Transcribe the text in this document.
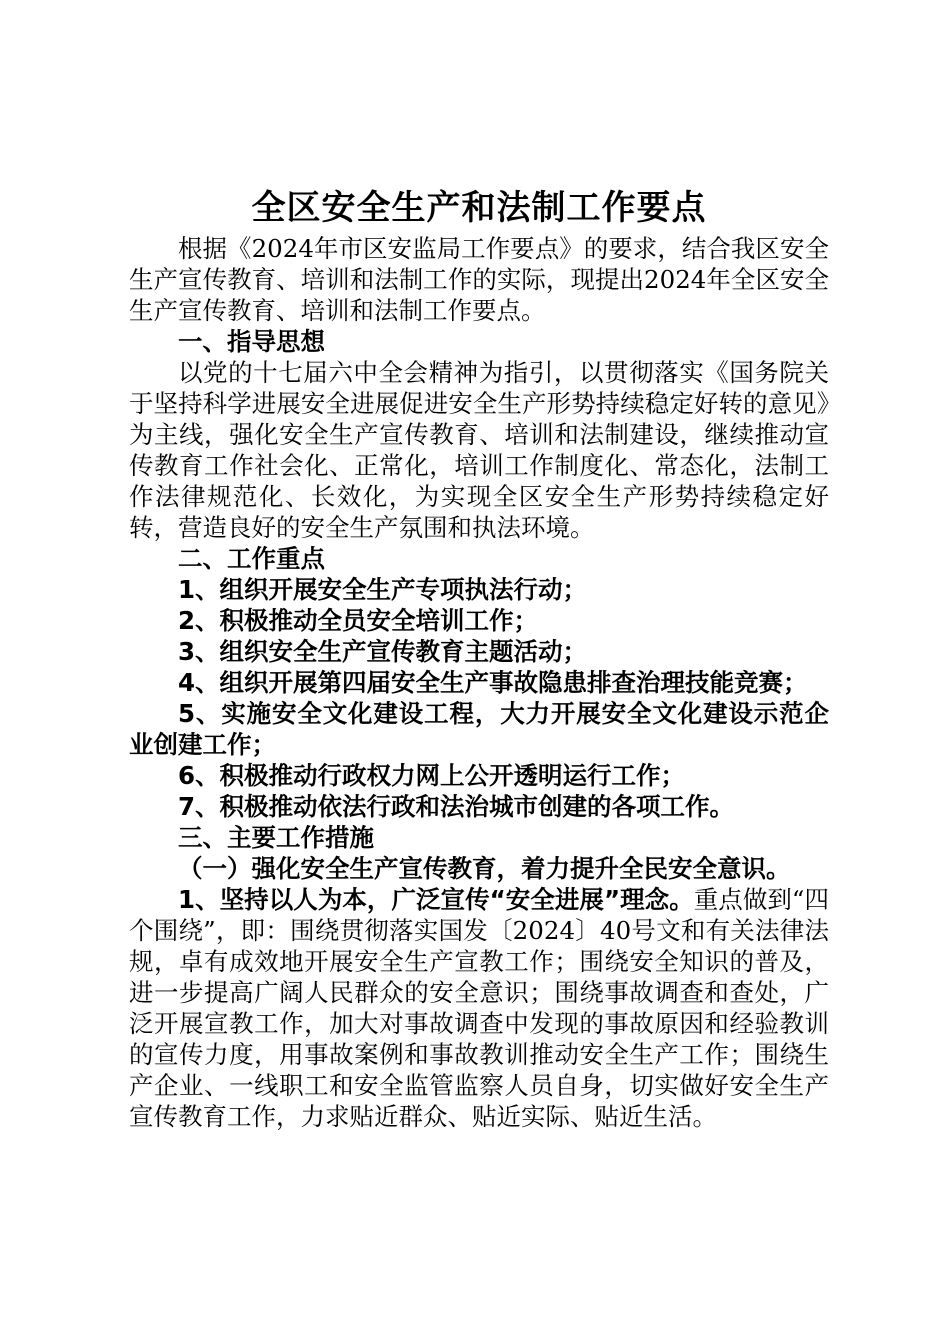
全区安全生产和法制工作要点

根据《2024年市区安监局工作要点》的要求，结合我区安全生产宣传教育、培训和法制工作的实际，现提出2024年全区安全生产宣传教育、培训和法制工作要点。

一、指导思想

以党的十七届六中全会精神为指引，以贯彻落实《国务院关于坚持科学进展安全进展促进安全生产形势持续稳定好转的意见》为主线，强化安全生产宣传教育、培训和法制建设，继续推动宣传教育工作社会化、正常化，培训工作制度化、常态化，法制工作法律规范化、长效化，为实现全区安全生产形势持续稳定好转，营造良好的安全生产氛围和执法环境。

二、工作重点

1、组织开展安全生产专项执法行动；

2、积极推动全员安全培训工作；

3、组织安全生产宣传教育主题活动；

4、组织开展第四届安全生产事故隐患排查治理技能竞赛；

5、实施安全文化建设工程，大力开展安全文化建设示范企业创建工作；

6、积极推动行政权力网上公开透明运行工作；

7、积极推动依法行政和法治城市创建的各项工作。

三、主要工作措施

（一）强化安全生产宣传教育，着力提升全民安全意识。

1、坚持以人为本，广泛宣传“安全进展”理念。重点做到“四个围绕”，即：围绕贯彻落实国发〔2024〕40号文和有关法律法规，卓有成效地开展安全生产宣教工作；围绕安全知识的普及，进一步提高广阔人民群众的安全意识；围绕事故调查和查处，广泛开展宣教工作，加大对事故调查中发现的事故原因和经验教训的宣传力度，用事故案例和事故教训推动安全生产工作；围绕生产企业、一线职工和安全监管监察人员自身，切实做好安全生产宣传教育工作，力求贴近群众、贴近实际、贴近生活。
